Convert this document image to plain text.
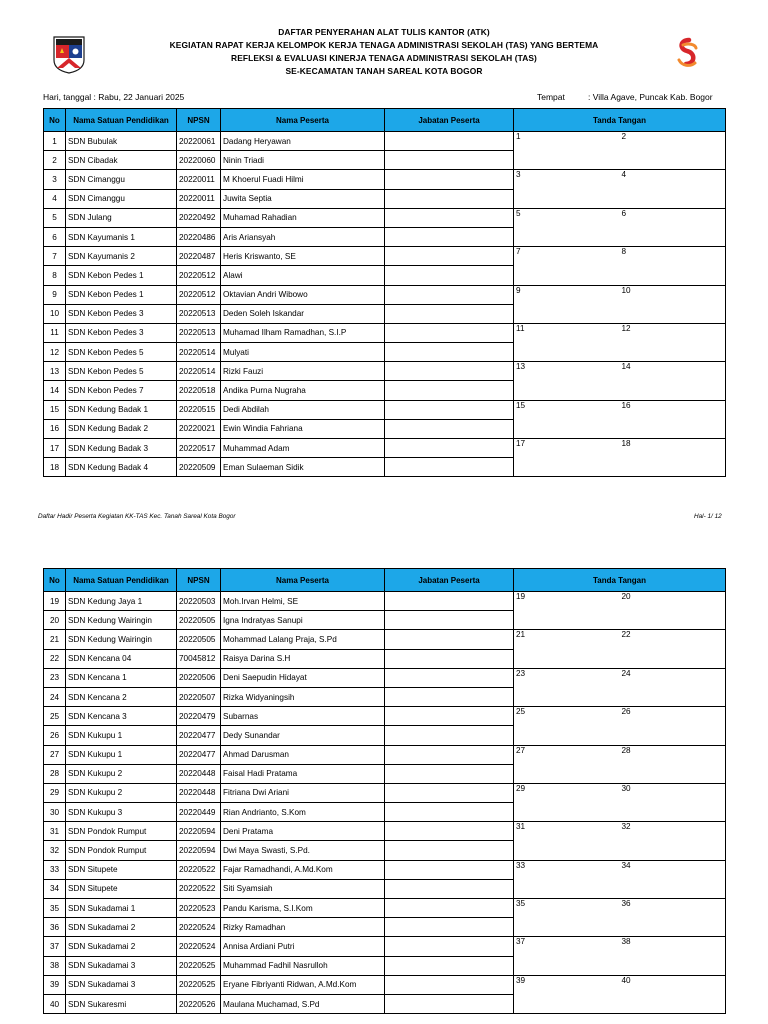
DAFTAR PENYERAHAN ALAT TULIS KANTOR (ATK)
KEGIATAN RAPAT KERJA KELOMPOK KERJA TENAGA ADMINISTRASI SEKOLAH (TAS) YANG BERTEMA
REFLEKSI & EVALUASI KINERJA TENAGA ADMINISTRASI SEKOLAH (TAS)
SE-KECAMATAN TANAH SAREAL KOTA BOGOR
Hari, tanggal : Rabu, 22 Januari 2025	Tempat	: Villa Agave, Puncak Kab. Bogor
No	Nama Satuan Pendidikan	NPSN	Nama Peserta	Jabatan Peserta	Tanda Tangan	
1	SDN Bubulak	20220061	Dadang Heryawan		1	2
2	SDN Cibadak	20220060	Ninin Triadi			
3	SDN Cimanggu	20220011	M Khoerul Fuadi Hilmi		3	4
4	SDN Cimanggu	20220011	Juwita Septia			
5	SDN Julang	20220492	Muhamad Rahadian		5	6
6	SDN Kayumanis 1	20220486	Aris Ariansyah			
7	SDN Kayumanis 2	20220487	Heris Kriswanto, SE		7	8
8	SDN Kebon Pedes 1	20220512	Alawi			
9	SDN Kebon Pedes 1	20220512	Oktavian Andri Wibowo		9	10
10	SDN Kebon Pedes 3	20220513	Deden Soleh Iskandar			
11	SDN Kebon Pedes 3	20220513	Muhamad Ilham Ramadhan, S.I.P		11	12
12	SDN Kebon Pedes 5	20220514	Mulyati			
13	SDN Kebon Pedes 5	20220514	Rizki Fauzi		13	14
14	SDN Kebon Pedes 7	20220518	Andika Purna Nugraha			
15	SDN Kedung Badak 1	20220515	Dedi Abdilah		15	16
16	SDN Kedung Badak 2	20220021	Ewin Windia Fahriana			
17	SDN Kedung Badak 3	20220517	Muhammad Adam		17	18
18	SDN Kedung Badak 4	20220509	Eman Sulaeman Sidik			
Daftar Hadir Peserta Kegiatan KK-TAS Kec. Tanah Sareal Kota Bogor	Hal- 1/ 12
No	Nama Satuan Pendidikan	NPSN	Nama Peserta	Jabatan Peserta	Tanda Tangan	
19	SDN Kedung Jaya 1	20220503	Moh.Irvan Helmi, SE		19	20
20	SDN Kedung Wairingin	20220505	Igna Indratyas Sanupi			
21	SDN Kedung Wairingin	20220505	Mohammad Lalang Praja, S.Pd		21	22
22	SDN Kencana 04	70045812	Raisya Darina S.H			
23	SDN Kencana 1	20220506	Deni Saepudin Hidayat		23	24
24	SDN Kencana 2	20220507	Rizka Widyaningsih			
25	SDN Kencana 3	20220479	Subarnas		25	26
26	SDN Kukupu 1	20220477	Dedy Sunandar			
27	SDN Kukupu 1	20220477	Ahmad Darusman		27	28
28	SDN Kukupu 2	20220448	Faisal Hadi Pratama			
29	SDN Kukupu 2	20220448	Fitriana Dwi Ariani		29	30
30	SDN Kukupu 3	20220449	Rian Andrianto, S.Kom			
31	SDN Pondok Rumput	20220594	Deni Pratama		31	32
32	SDN Pondok Rumput	20220594	Dwi Maya Swasti, S.Pd.			
33	SDN Situpete	20220522	Fajar Ramadhandi, A.Md.Kom		33	34
34	SDN Situpete	20220522	Siti Syamsiah			
35	SDN Sukadamai 1	20220523	Pandu Karisma, S.I.Kom		35	36
36	SDN Sukadamai 2	20220524	Rizky Ramadhan			
37	SDN Sukadamai 2	20220524	Annisa Ardiani Putri		37	38
38	SDN Sukadamai 3	20220525	Muhammad Fadhil Nasrulloh			
39	SDN Sukadamai 3	20220525	Eryane Fibriyanti Ridwan, A.Md.Kom		39	40
40	SDN Sukaresmi	20220526	Maulana Muchamad, S.Pd			
